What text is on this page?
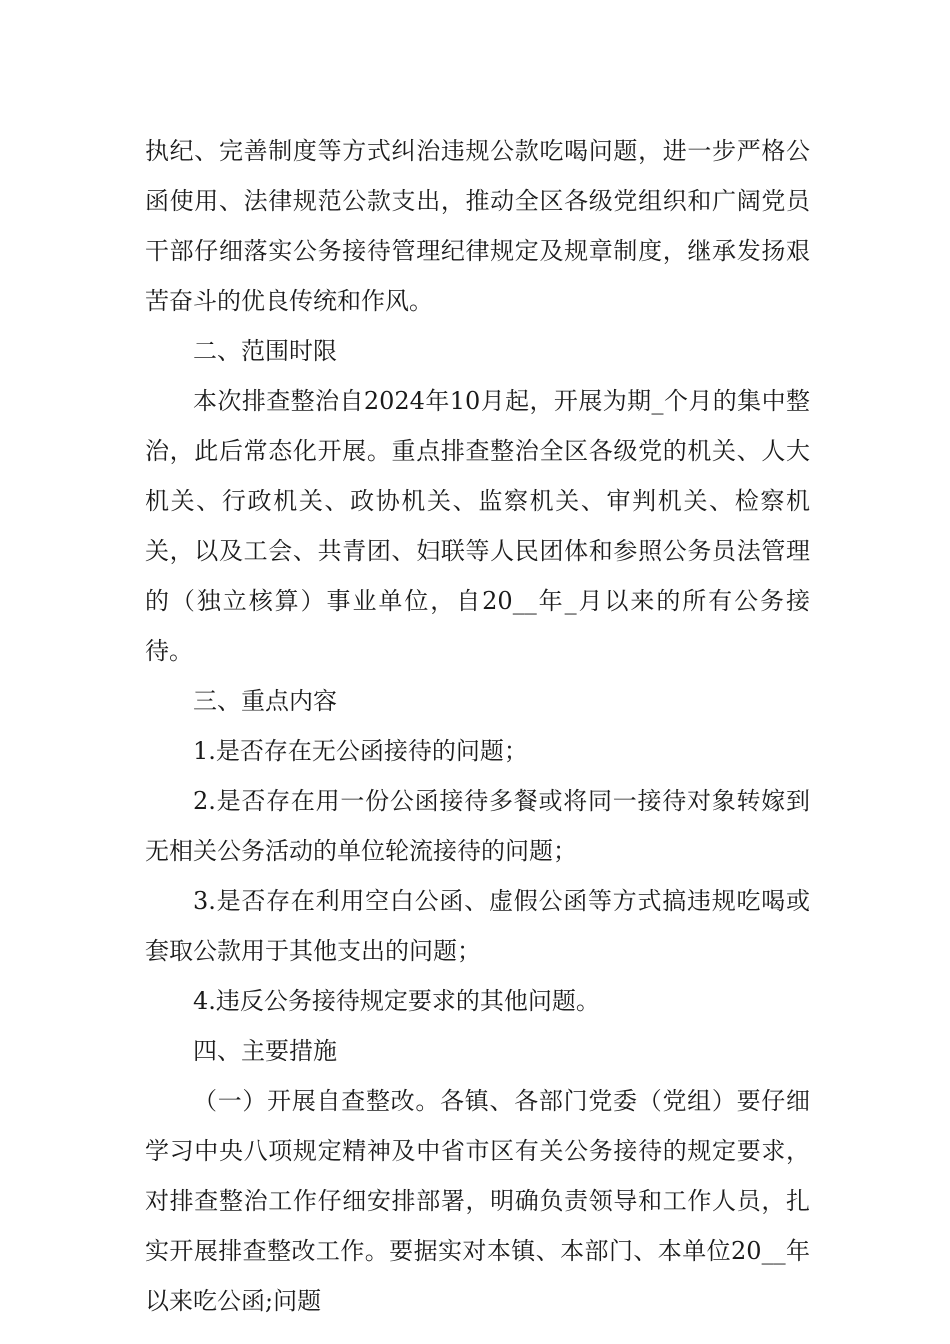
执纪、完善制度等方式纠治违规公款吃喝问题，进一步严格公函使用、法律规范公款支出，推动全区各级党组织和广阔党员干部仔细落实公务接待管理纪律规定及规章制度，继承发扬艰苦奋斗的优良传统和作风。

二、范围时限

本次排查整治自2024年10月起，开展为期_个月的集中整治，此后常态化开展。重点排查整治全区各级党的机关、人大机关、行政机关、政协机关、监察机关、审判机关、检察机关，以及工会、共青团、妇联等人民团体和参照公务员法管理的（独立核算）事业单位，自20__年_月以来的所有公务接待。

三、重点内容

1.是否存在无公函接待的问题；

2.是否存在用一份公函接待多餐或将同一接待对象转嫁到无相关公务活动的单位轮流接待的问题；

3.是否存在利用空白公函、虚假公函等方式搞违规吃喝或套取公款用于其他支出的问题；

4.违反公务接待规定要求的其他问题。

四、主要措施

（一）开展自查整改。各镇、各部门党委（党组）要仔细学习中央八项规定精神及中省市区有关公务接待的规定要求，对排查整治工作仔细安排部署，明确负责领导和工作人员，扎实开展排查整改工作。要据实对本镇、本部门、本单位20__年以来吃公函;问题
